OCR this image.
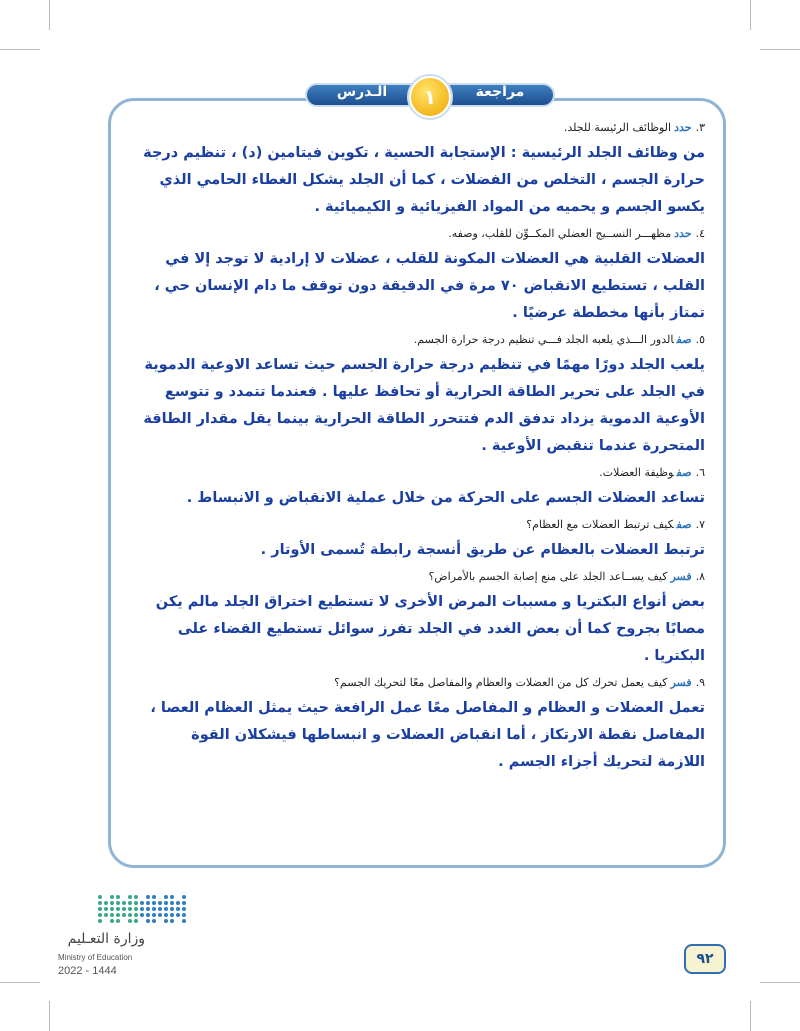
مراجعة
١
الـدرس
٣.حددالوظائف الرئيسة للجلد.
من وظائف الجلد الرئيسية : الإستجابة الحسية ، تكوين فيتامين (د) ، تنظيم درجة حرارة الجسم ، التخلص من الفضلات ، كما أن الجلد يشكل الغطاء الحامي الذي يكسو الجسم و يحميه من المواد الفيزيائية و الكيميائية .
٤.حددمظهـــر النســيج العضلي المكــوِّن للقلب، وصفه.
العضلات القلبية هي العضلات المكونة للقلب ، عضلات لا إرادية لا توجد إلا في القلب ، تستطيع الانقباض ٧٠ مرة في الدقيقة دون توقف ما دام الإنسان حي ، تمتاز بأنها مخططة عرضيًا .
٥.صفالدور الـــذي يلعبه الجلد فـــي تنظيم درجة حرارة الجسم.
يلعب الجلد دورًا مهمًا في تنظيم درجة حرارة الجسم حيث تساعد الاوعية الدموية في الجلد على تحرير الطاقة الحرارية أو تحافظ عليها . فعندما تتمدد و تتوسع الأوعية الدموية يزداد تدفق الدم فتتحرر الطاقة الحرارية بينما يقل مقدار الطاقة المتحررة عندما تنقبض الأوعية .
٦.صفوظيفة العضلات.
تساعد العضلات الجسم على الحركة من خلال عملية الانقباض و الانبساط .
٧.صفكيف ترتبط العضلات مع العظام؟
ترتبط العضلات بالعظام عن طريق أنسجة رابطة تُسمى الأوتار .
٨.فسركيف يســاعد الجلد على منع إصابة الجسم بالأمراض؟
بعض أنواع البكتريا و مسببات المرض الأخرى لا تستطيع اختراق الجلد مالم يكن مصابًا بجروح كما أن بعض الغدد في الجلد تفرز سوائل تستطيع القضاء على البكتريا .
٩.فسركيف يعمل تحرك كل من العضلات والعظام والمفاصل معًا لتحريك الجسم؟
تعمل العضلات و العظام و المفاصل معًا عمل الرافعة حيث يمثل العظام العصا ، المفاصل نقطة الارتكاز ، أما انقباض العضلات و انبساطها فيشكلان القوة اللازمة لتحريك أجزاء الجسم .
وزارة التعـليم
Ministry of Education
2022 - 1444
٩٢
